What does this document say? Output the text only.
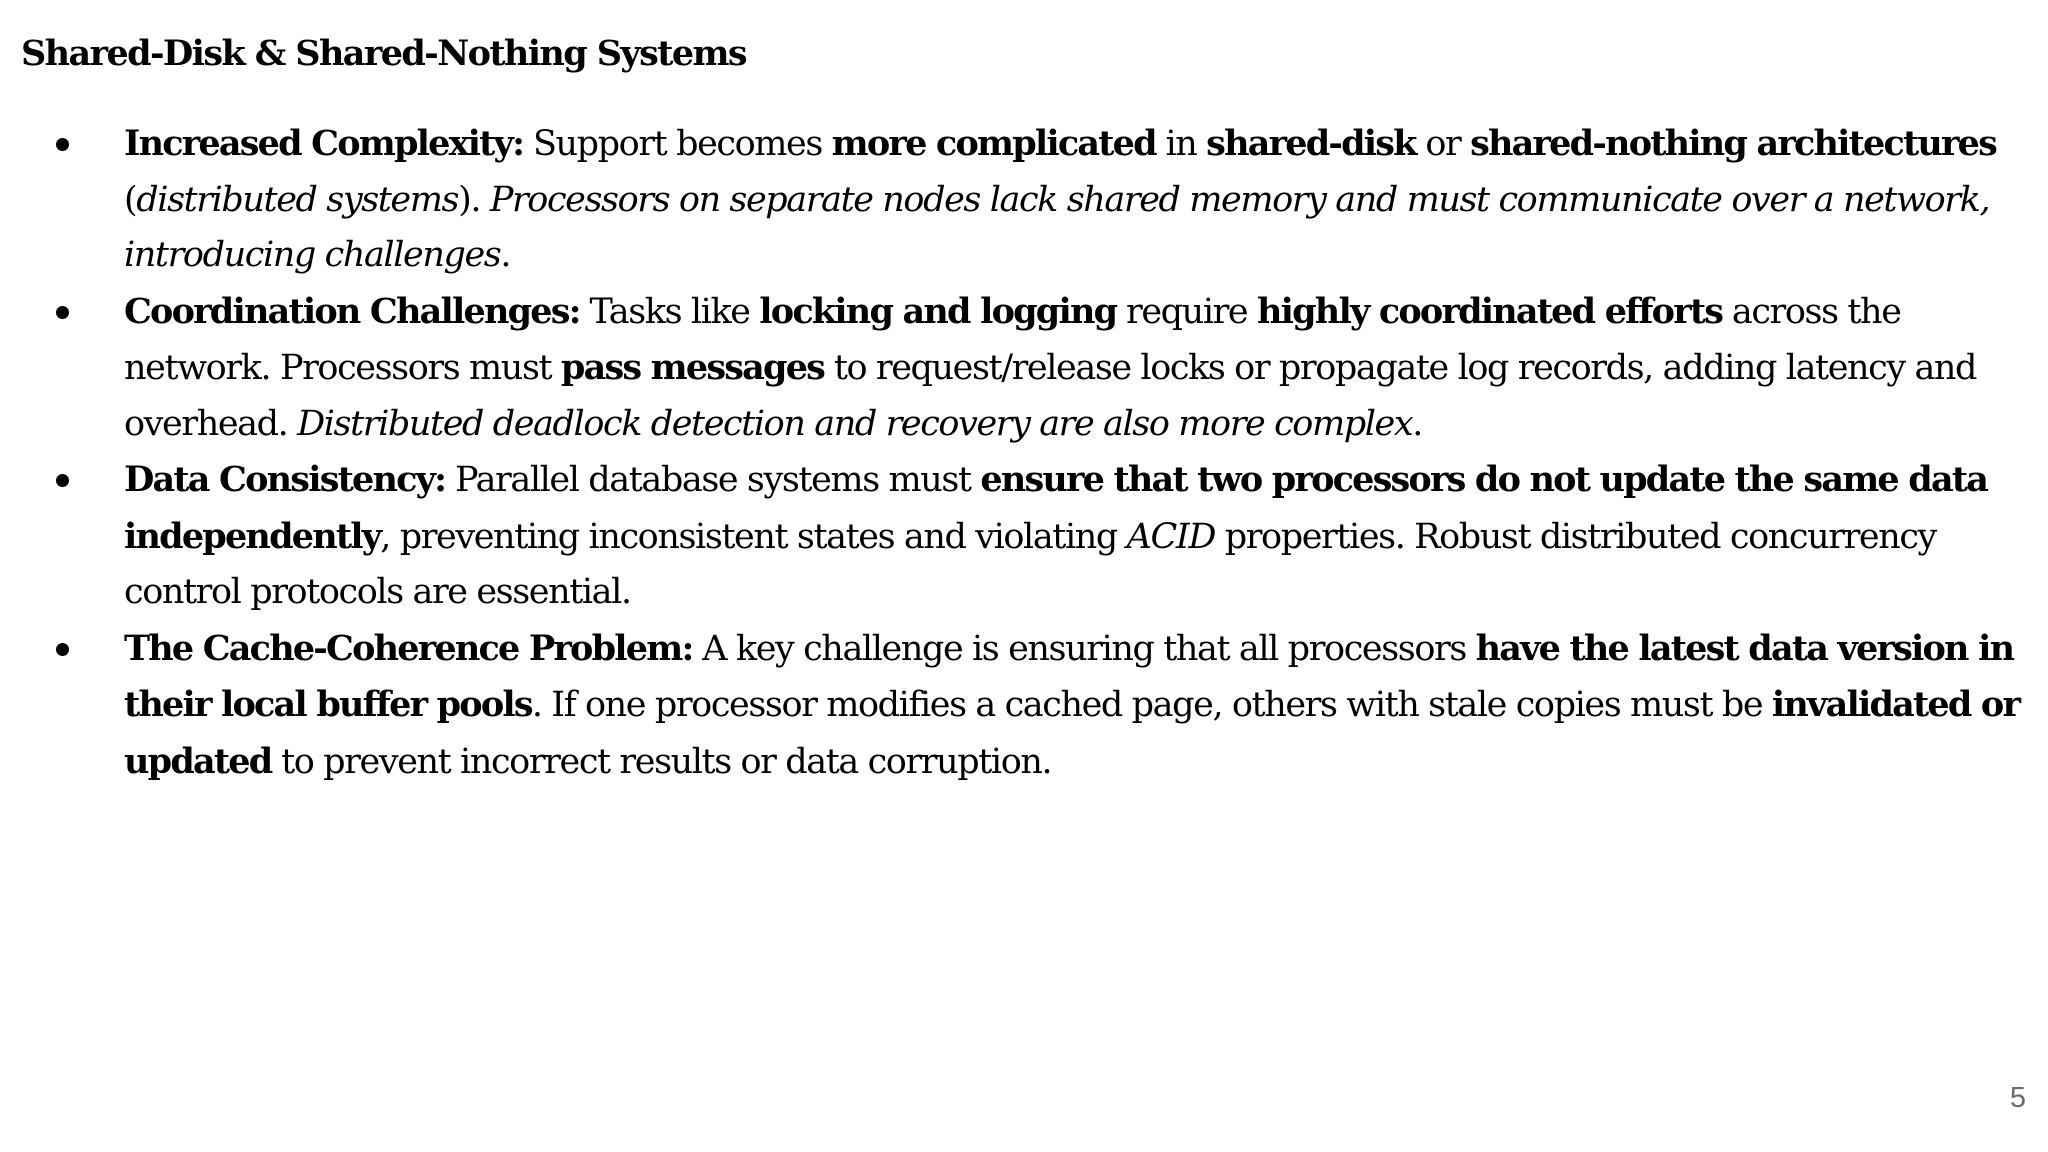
Shared-Disk & Shared-Nothing Systems
Increased Complexity: Support becomes more complicated in shared-disk or shared-nothing architectures (distributed systems). Processors on separate nodes lack shared memory and must communicate over a network, introducing challenges.
Coordination Challenges: Tasks like locking and logging require highly coordinated efforts across the network. Processors must pass messages to request/release locks or propagate log records, adding latency and overhead. Distributed deadlock detection and recovery are also more complex.
Data Consistency: Parallel database systems must ensure that two processors do not update the same data independently, preventing inconsistent states and violating ACID properties. Robust distributed concurrency control protocols are essential.
The Cache-Coherence Problem: A key challenge is ensuring that all processors have the latest data version in their local buffer pools. If one processor modifies a cached page, others with stale copies must be invalidated or updated to prevent incorrect results or data corruption.
5
